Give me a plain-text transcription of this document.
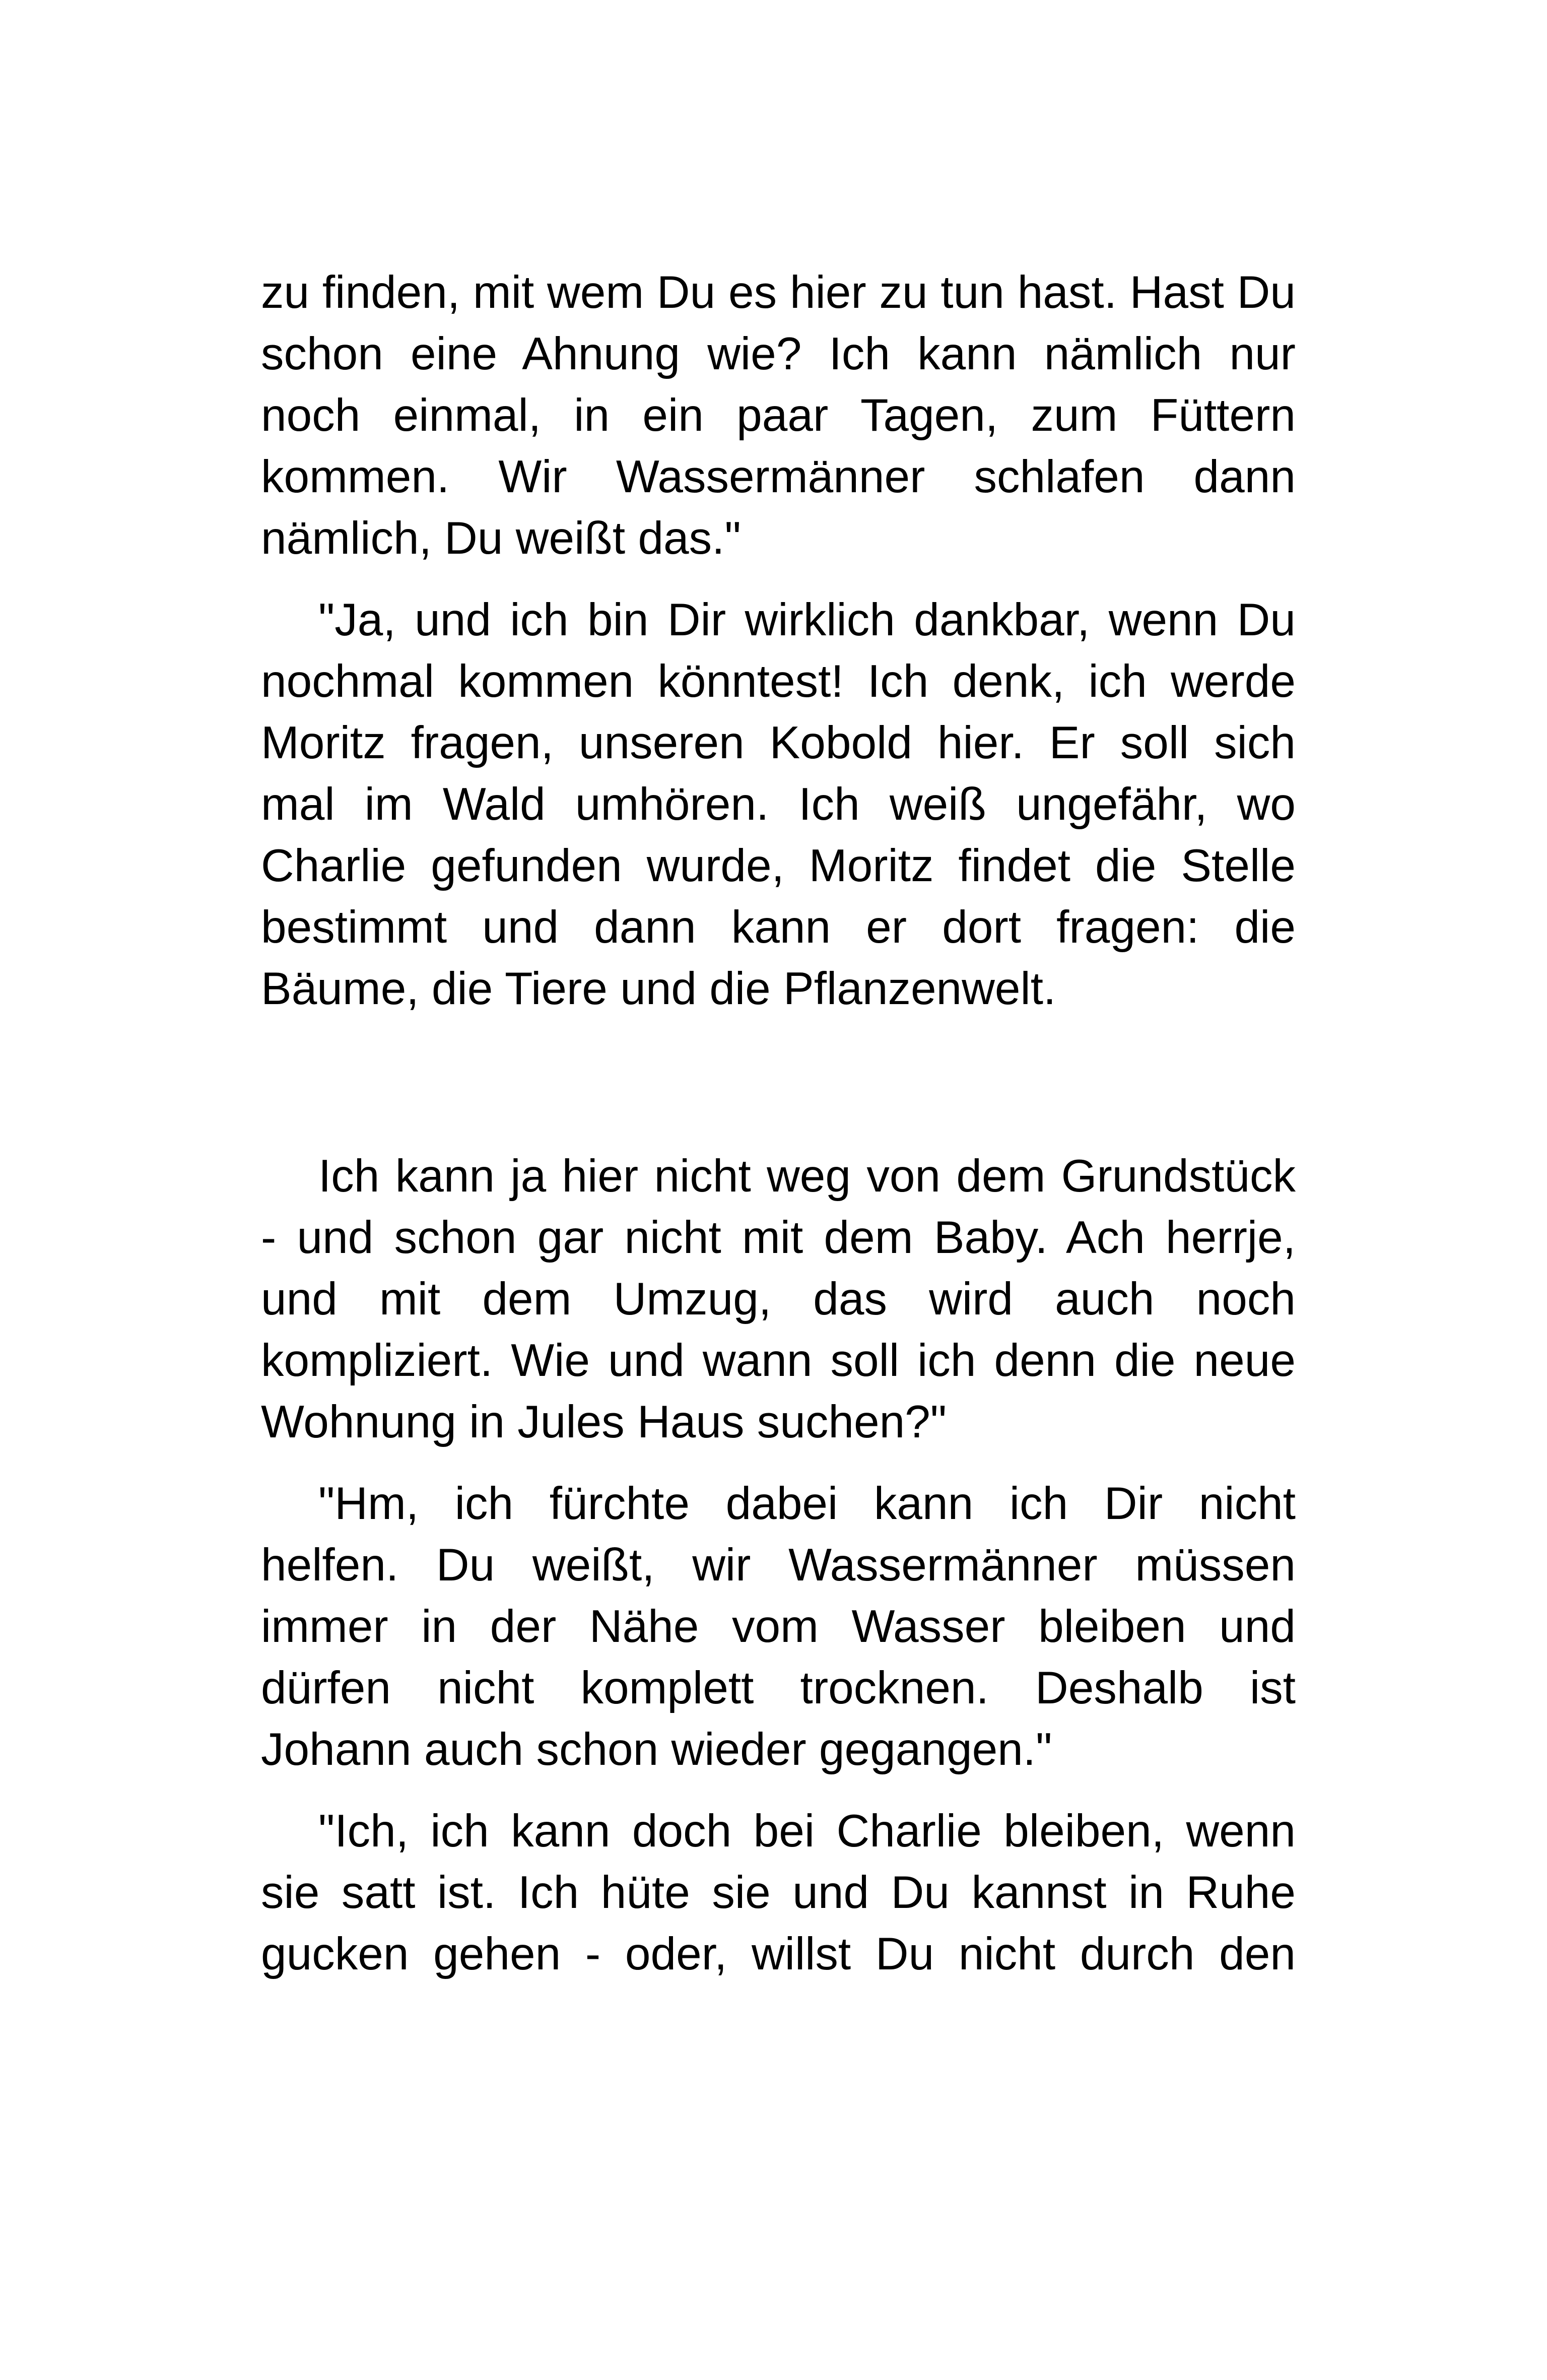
zu finden, mit wem Du es hier zu tun hast. Hast Du
schon eine Ahnung wie? Ich kann nämlich nur
noch einmal, in ein paar Tagen, zum Füttern
kommen. Wir Wassermänner schlafen dann
nämlich, Du weißt das."
"Ja, und ich bin Dir wirklich dankbar, wenn Du
nochmal kommen könntest! Ich denk, ich werde
Moritz fragen, unseren Kobold hier. Er soll sich
mal im Wald umhören. Ich weiß ungefähr, wo
Charlie gefunden wurde, Moritz findet die Stelle
bestimmt und dann kann er dort fragen: die
Bäume, die Tiere und die Pflanzenwelt.
Ich kann ja hier nicht weg von dem Grundstück
- und schon gar nicht mit dem Baby. Ach herrje,
und mit dem Umzug, das wird auch noch
kompliziert. Wie und wann soll ich denn die neue
Wohnung in Jules Haus suchen?"
"Hm, ich fürchte dabei kann ich Dir nicht
helfen. Du weißt, wir Wassermänner müssen
immer in der Nähe vom Wasser bleiben und
dürfen nicht komplett trocknen. Deshalb ist
Johann auch schon wieder gegangen."
"Ich, ich kann doch bei Charlie bleiben, wenn
sie satt ist. Ich hüte sie und Du kannst in Ruhe
gucken gehen - oder, willst Du nicht durch den
